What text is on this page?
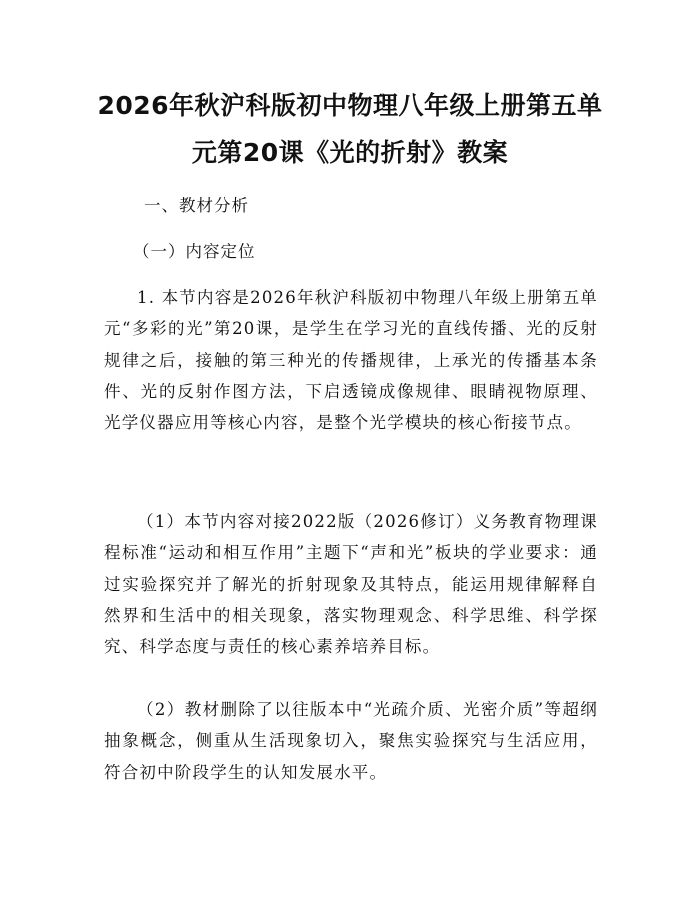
2026年秋沪科版初中物理八年级上册第五单
元第20课《光的折射》教案

一、教材分析

（一）内容定位

1. 本节内容是2026年秋沪科版初中物理八年级上册第五单元“多彩的光”第20课，是学生在学习光的直线传播、光的反射规律之后，接触的第三种光的传播规律，上承光的传播基本条件、光的反射作图方法，下启透镜成像规律、眼睛视物原理、光学仪器应用等核心内容，是整个光学模块的核心衔接节点。

（1）本节内容对接2022版（2026修订）义务教育物理课程标准“运动和相互作用”主题下“声和光”板块的学业要求：通过实验探究并了解光的折射现象及其特点，能运用规律解释自然界和生活中的相关现象，落实物理观念、科学思维、科学探究、科学态度与责任的核心素养培养目标。

（2）教材删除了以往版本中“光疏介质、光密介质”等超纲抽象概念，侧重从生活现象切入，聚焦实验探究与生活应用，符合初中阶段学生的认知发展水平。
